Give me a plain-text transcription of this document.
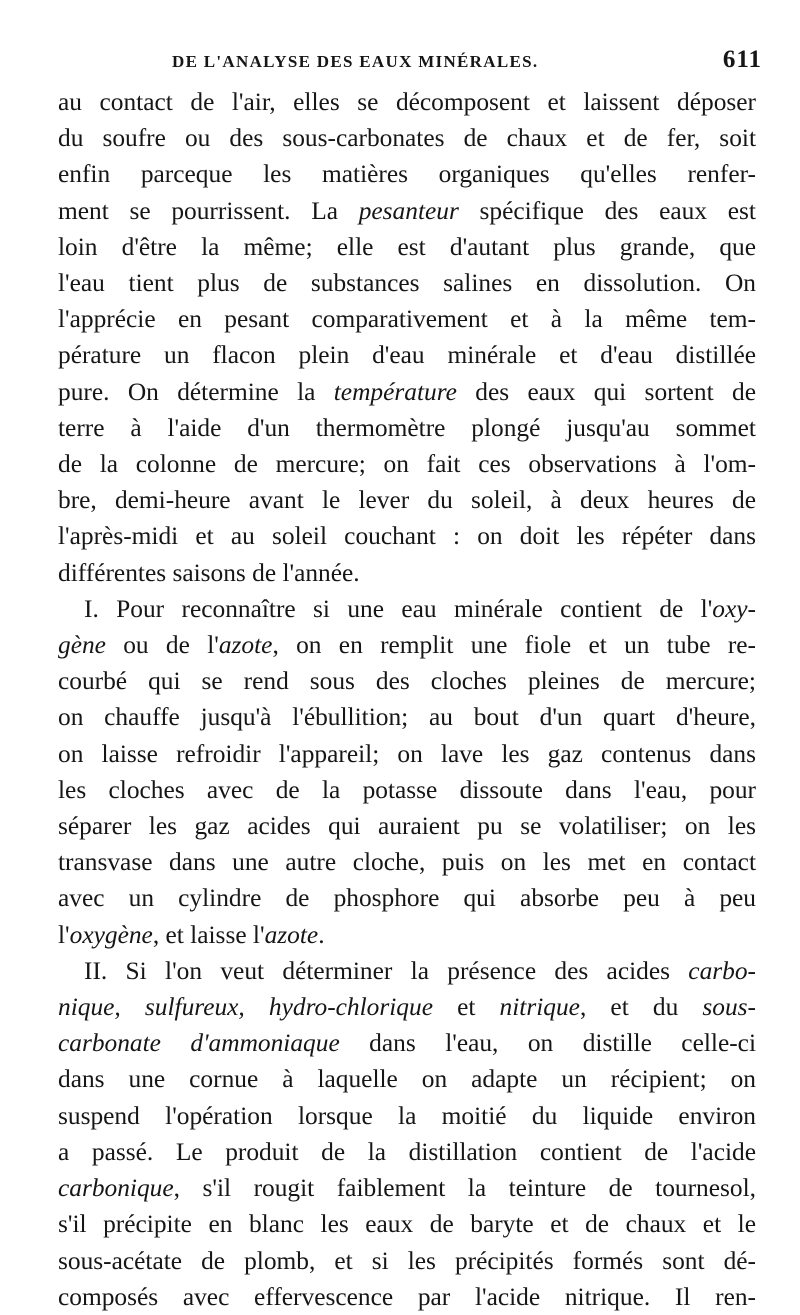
DE L'ANALYSE DES EAUX MINÉRALES.	611
au contact de l'air, elles se décomposent et laissent déposer
du soufre ou des sous-carbonates de chaux et de fer, soit
enfin parceque les matières organiques qu'elles renfer-
ment se pourrissent. La pesanteur spécifique des eaux est
loin d'être la même; elle est d'autant plus grande, que
l'eau tient plus de substances salines en dissolution. On
l'apprécie en pesant comparativement et à la même tem-
pérature un flacon plein d'eau minérale et d'eau distillée
pure. On détermine la température des eaux qui sortent de
terre à l'aide d'un thermomètre plongé jusqu'au sommet
de la colonne de mercure; on fait ces observations à l'om-
bre, demi-heure avant le lever du soleil, à deux heures de
l'après-midi et au soleil couchant : on doit les répéter dans
différentes saisons de l'année.
I. Pour reconnaître si une eau minérale contient de l'oxy-
gène ou de l'azote, on en remplit une fiole et un tube re-
courbé qui se rend sous des cloches pleines de mercure;
on chauffe jusqu'à l'ébullition; au bout d'un quart d'heure,
on laisse refroidir l'appareil; on lave les gaz contenus dans
les cloches avec de la potasse dissoute dans l'eau, pour
séparer les gaz acides qui auraient pu se volatiliser; on les
transvase dans une autre cloche, puis on les met en contact
avec un cylindre de phosphore qui absorbe peu à peu
l'oxygène, et laisse l'azote.
II. Si l'on veut déterminer la présence des acides carbo-
nique, sulfureux, hydro-chlorique et nitrique, et du sous-
carbonate d'ammoniaque dans l'eau, on distille celle-ci
dans une cornue à laquelle on adapte un récipient; on
suspend l'opération lorsque la moitié du liquide environ
a passé. Le produit de la distillation contient de l'acide
carbonique, s'il rougit faiblement la teinture de tournesol,
s'il précipite en blanc les eaux de baryte et de chaux et le
sous-acétate de plomb, et si les précipités formés sont dé-
composés avec effervescence par l'acide nitrique. Il ren-
